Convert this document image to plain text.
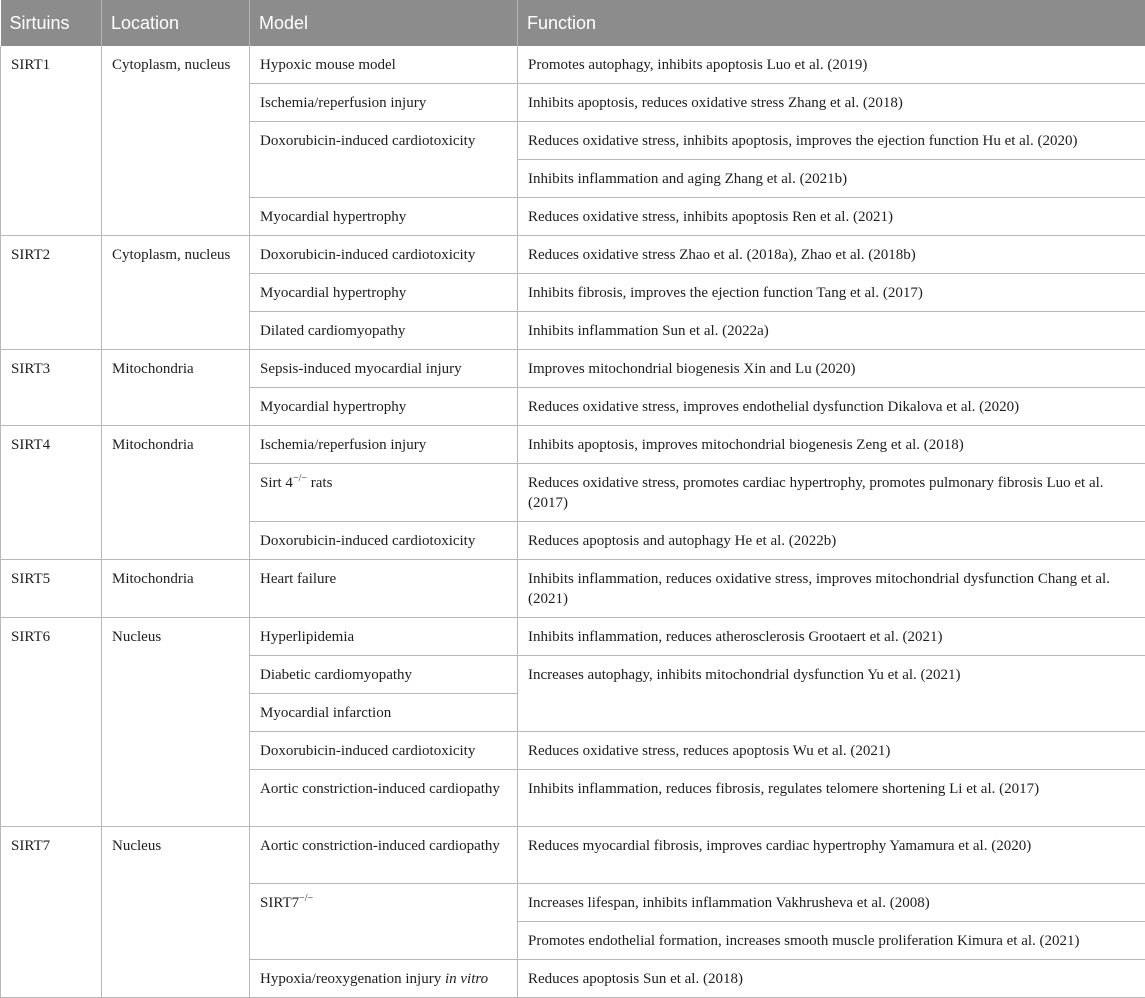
Sirtuins	Location	Model	Function
SIRT1	Cytoplasm, nucleus	Hypoxic mouse model	Promotes autophagy, inhibits apoptosis Luo et al. (2019)
		Ischemia/reperfusion injury	Inhibits apoptosis, reduces oxidative stress Zhang et al. (2018)
		Doxorubicin-induced cardiotoxicity	Reduces oxidative stress, inhibits apoptosis, improves the ejection function Hu et al. (2020)
			Inhibits inflammation and aging Zhang et al. (2021b)
		Myocardial hypertrophy	Reduces oxidative stress, inhibits apoptosis Ren et al. (2021)
SIRT2	Cytoplasm, nucleus	Doxorubicin-induced cardiotoxicity	Reduces oxidative stress Zhao et al. (2018a), Zhao et al. (2018b)
		Myocardial hypertrophy	Inhibits fibrosis, improves the ejection function Tang et al. (2017)
		Dilated cardiomyopathy	Inhibits inflammation Sun et al. (2022a)
SIRT3	Mitochondria	Sepsis-induced myocardial injury	Improves mitochondrial biogenesis Xin and Lu (2020)
		Myocardial hypertrophy	Reduces oxidative stress, improves endothelial dysfunction Dikalova et al. (2020)
SIRT4	Mitochondria	Ischemia/reperfusion injury	Inhibits apoptosis, improves mitochondrial biogenesis Zeng et al. (2018)
		Sirt 4−/− rats	Reduces oxidative stress, promotes cardiac hypertrophy, promotes pulmonary fibrosis Luo et al. (2017)
		Doxorubicin-induced cardiotoxicity	Reduces apoptosis and autophagy He et al. (2022b)
SIRT5	Mitochondria	Heart failure	Inhibits inflammation, reduces oxidative stress, improves mitochondrial dysfunction Chang et al. (2021)
SIRT6	Nucleus	Hyperlipidemia	Inhibits inflammation, reduces atherosclerosis Grootaert et al. (2021)
		Diabetic cardiomyopathy	Increases autophagy, inhibits mitochondrial dysfunction Yu et al. (2021)
		Myocardial infarction	
		Doxorubicin-induced cardiotoxicity	Reduces oxidative stress, reduces apoptosis Wu et al. (2021)
		Aortic constriction-induced cardiopathy	Inhibits inflammation, reduces fibrosis, regulates telomere shortening Li et al. (2017)
SIRT7	Nucleus	Aortic constriction-induced cardiopathy	Reduces myocardial fibrosis, improves cardiac hypertrophy Yamamura et al. (2020)
		SIRT7−/−	Increases lifespan, inhibits inflammation Vakhrusheva et al. (2008)
			Promotes endothelial formation, increases smooth muscle proliferation Kimura et al. (2021)
		Hypoxia/reoxygenation injury in vitro	Reduces apoptosis Sun et al. (2018)
